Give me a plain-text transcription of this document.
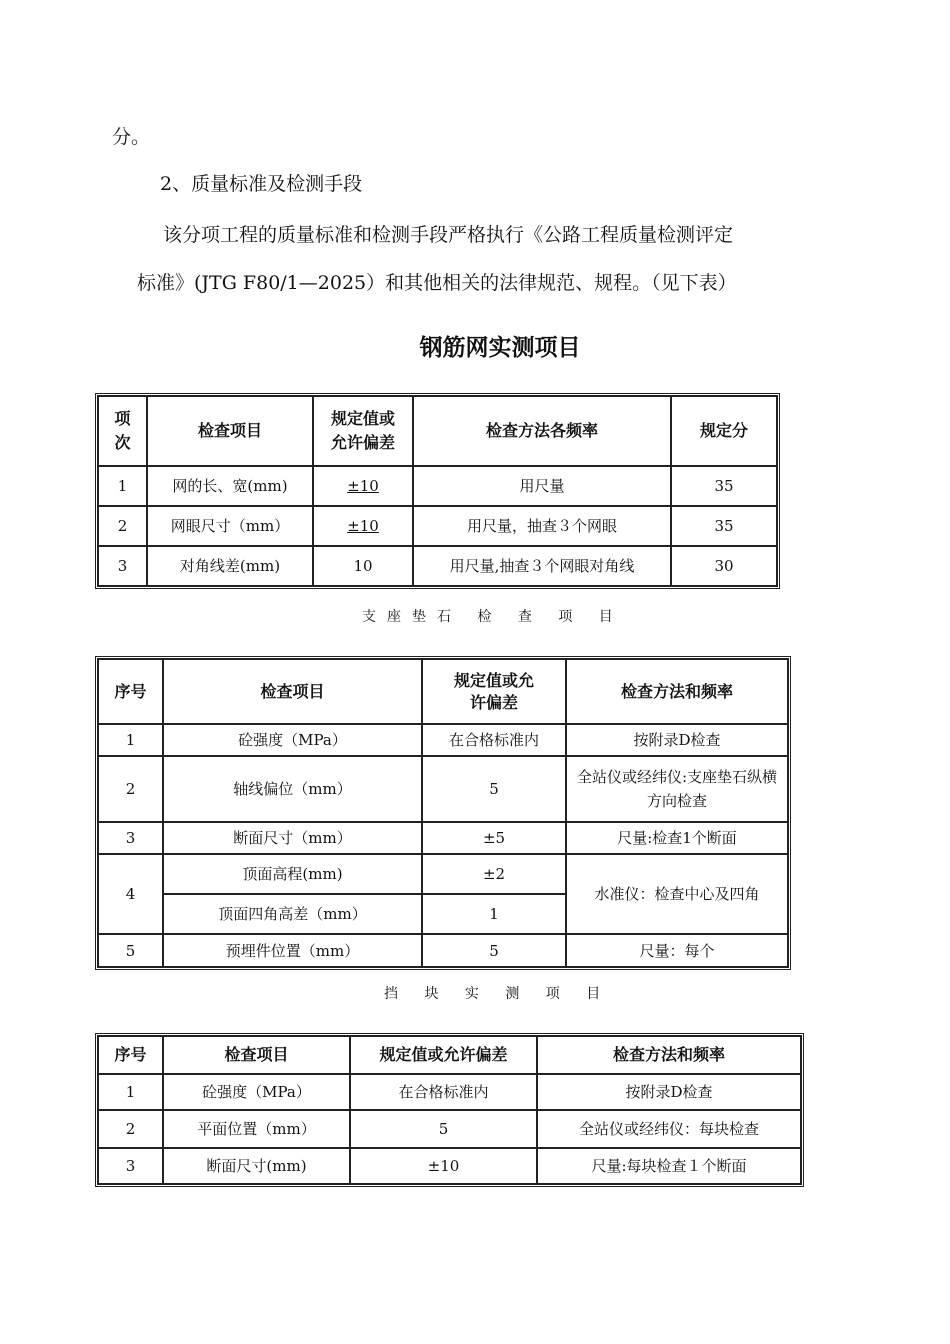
分。
2、质量标准及检测手段
该分项工程的质量标准和检测手段严格执行《公路工程质量检测评定
标准》(JTG F80/1—2025）和其他相关的法律规范、规程。（见下表）
钢筋网实测项目
项次	检查项目	规定值或允许偏差	检查方法各频率	规定分
1	网的长、宽(mm)	±10	用尺量	35
2	网眼尺寸（mm）	±10	用尺量，抽查３个网眼	35
3	对角线差(mm)	10	用尺量,抽查３个网眼对角线	30
支座垫石 检 查 项 目
序号	检查项目	规定值或允许偏差	检查方法和频率
1	砼强度（MPa）	在合格标准内	按附录D检查
2	轴线偏位（mm）	5	全站仪或经纬仪:支座垫石纵横方向检查
3	断面尺寸（mm）	±5	尺量:检查1个断面
4	顶面高程(mm)	±2	水准仪：检查中心及四角
	顶面四角高差（mm）	1	
5	预埋件位置（mm）	5	尺量：每个
挡 块 实 测 项 目
序号	检查项目	规定值或允许偏差	检查方法和频率
1	砼强度（MPa）	在合格标准内	按附录D检查
2	平面位置（mm）	5	全站仪或经纬仪：每块检查
3	断面尺寸(mm)	±10	尺量:每块检查１个断面
